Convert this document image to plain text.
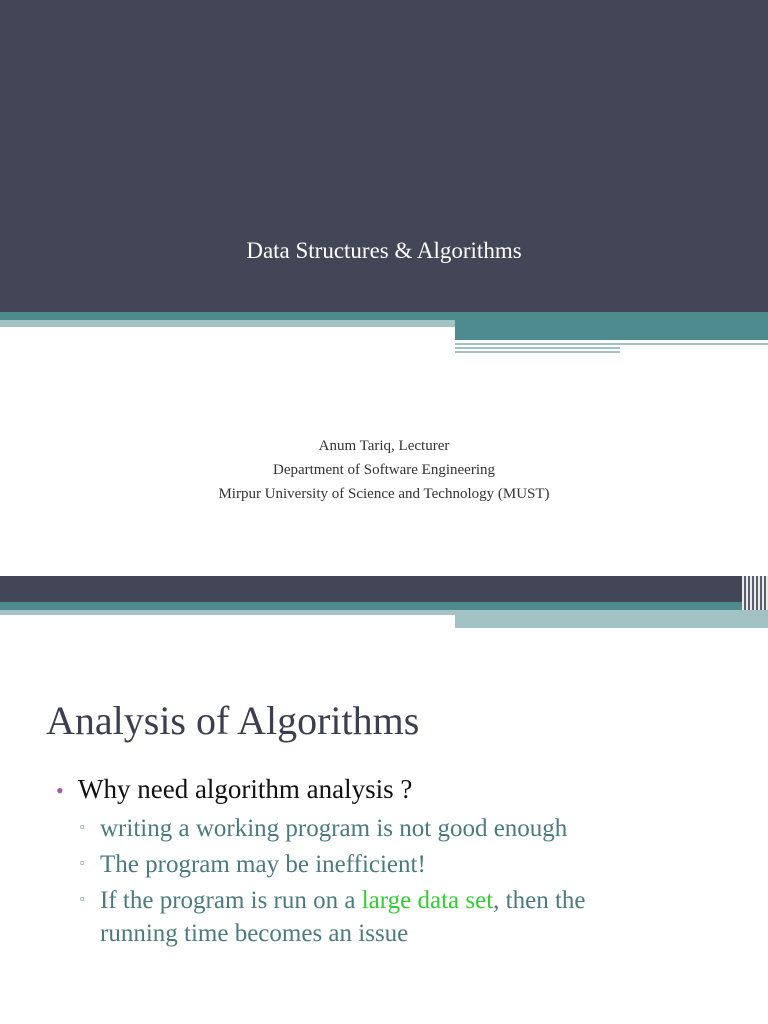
Data Structures & Algorithms
Anum Tariq, Lecturer
Department of Software Engineering
Mirpur University of Science and Technology (MUST)
Analysis of Algorithms
• Why need algorithm analysis ?
▫ writing a working program is not good enough
▫ The program may be inefficient!
▫ If the program is run on a large data set, then the
running time becomes an issue
